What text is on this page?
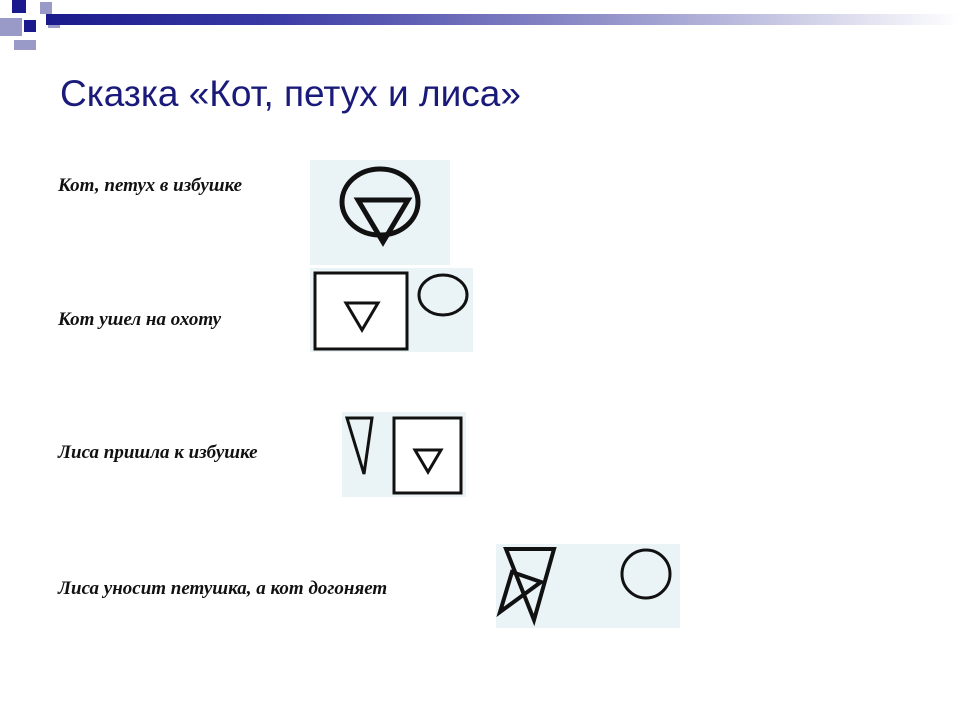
Сказка «Кот, петух и лиса»

Кот, петух в избушке

Кот ушел на охоту

Лиса пришла к избушке

Лиса уносит петушка, а кот догоняет
